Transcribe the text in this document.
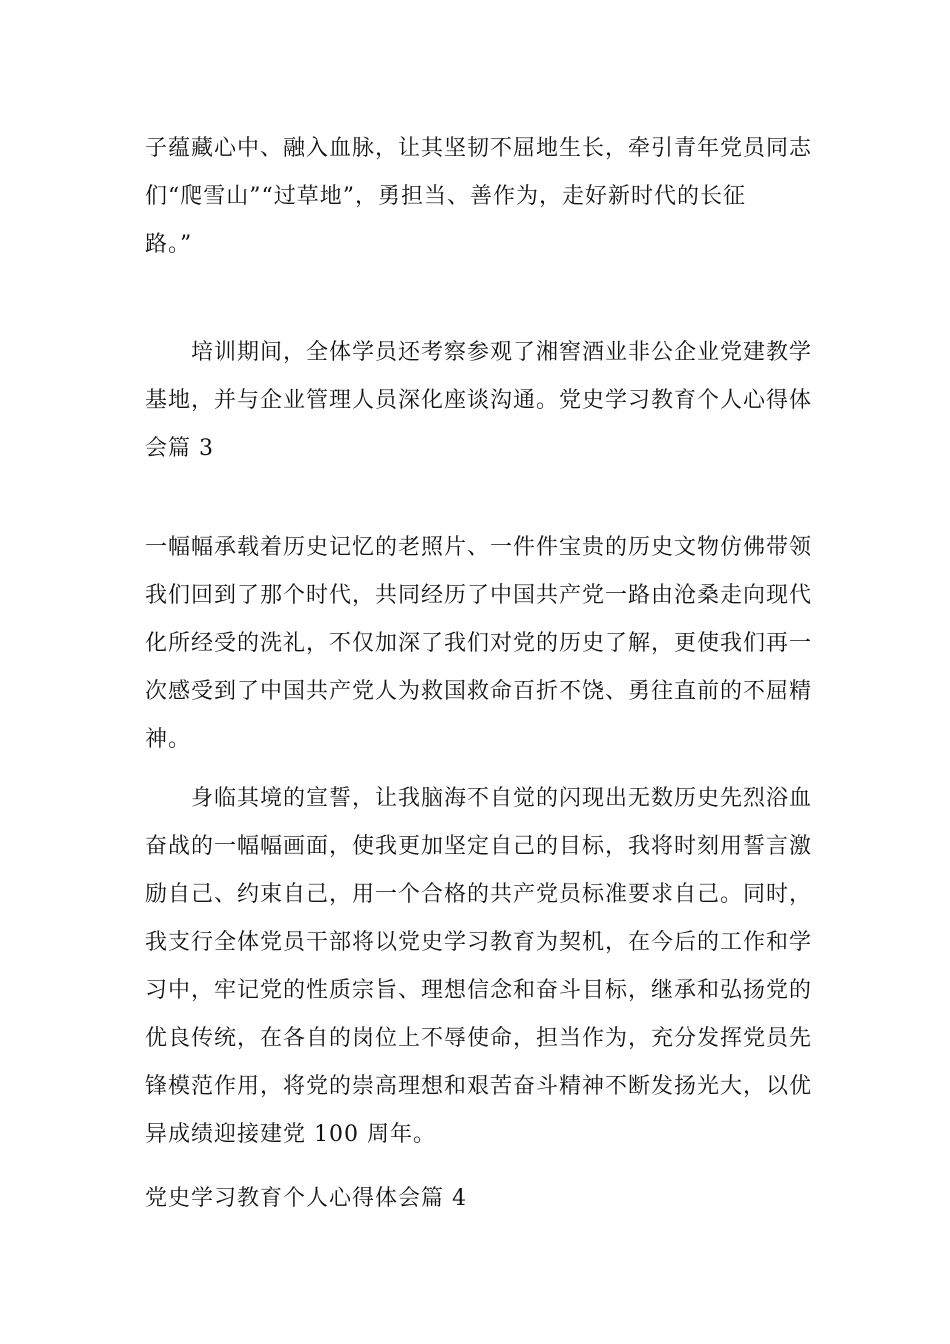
子蕴藏心中、融入血脉，让其坚韧不屈地生长，牵引青年党员同志
们“爬雪山”“过草地”，勇担当、善作为，走好新时代的长征
路。”
培训期间，全体学员还考察参观了湘窖酒业非公企业党建教学
基地，并与企业管理人员深化座谈沟通。党史学习教育个人心得体
会篇 3
一幅幅承载着历史记忆的老照片、一件件宝贵的历史文物仿佛带领
我们回到了那个时代，共同经历了中国共产党一路由沧桑走向现代
化所经受的洗礼，不仅加深了我们对党的历史了解，更使我们再一
次感受到了中国共产党人为救国救命百折不饶、勇往直前的不屈精
神。
身临其境的宣誓，让我脑海不自觉的闪现出无数历史先烈浴血
奋战的一幅幅画面，使我更加坚定自己的目标，我将时刻用誓言激
励自己、约束自己，用一个合格的共产党员标准要求自己。同时，
我支行全体党员干部将以党史学习教育为契机，在今后的工作和学
习中，牢记党的性质宗旨、理想信念和奋斗目标，继承和弘扬党的
优良传统，在各自的岗位上不辱使命，担当作为，充分发挥党员先
锋模范作用，将党的崇高理想和艰苦奋斗精神不断发扬光大，以优
异成绩迎接建党 100 周年。
党史学习教育个人心得体会篇 4
